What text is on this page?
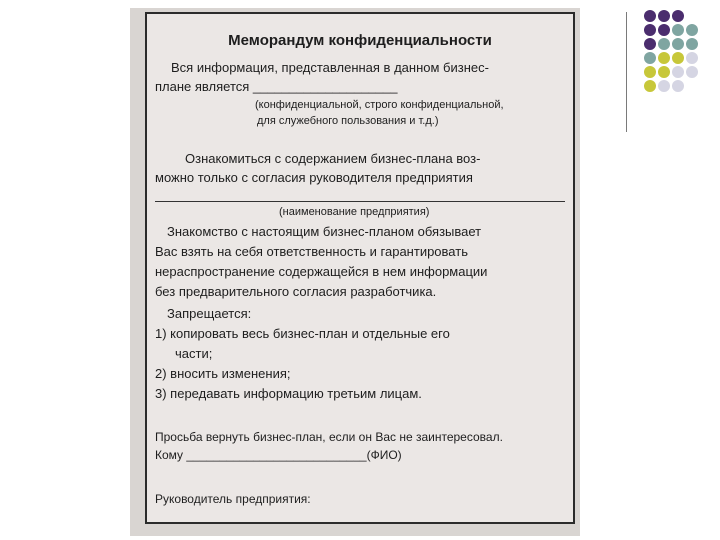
Меморандум конфиденциальности
Вся информация, представленная в данном бизнес-
плане является ____________________
(конфиденциальной, строго конфиденциальной,
для служебного пользования и т.д.)
Ознакомиться с содержанием бизнес-плана воз-
можно только с согласия руководителя предприятия
(наименование предприятия)
Знакомство с настоящим бизнес-планом обязывает
Вас взять на себя ответственность и гарантировать
нераспространение содержащейся в нем информации
без предварительного согласия разработчика.
Запрещается:
1) копировать весь бизнес-план и отдельные его
части;
2) вносить изменения;
3) передавать информацию третьим лицам.
Просьба вернуть бизнес-план, если он Вас не заинтересовал.
Кому ___________________________(ФИО)
Руководитель предприятия:
